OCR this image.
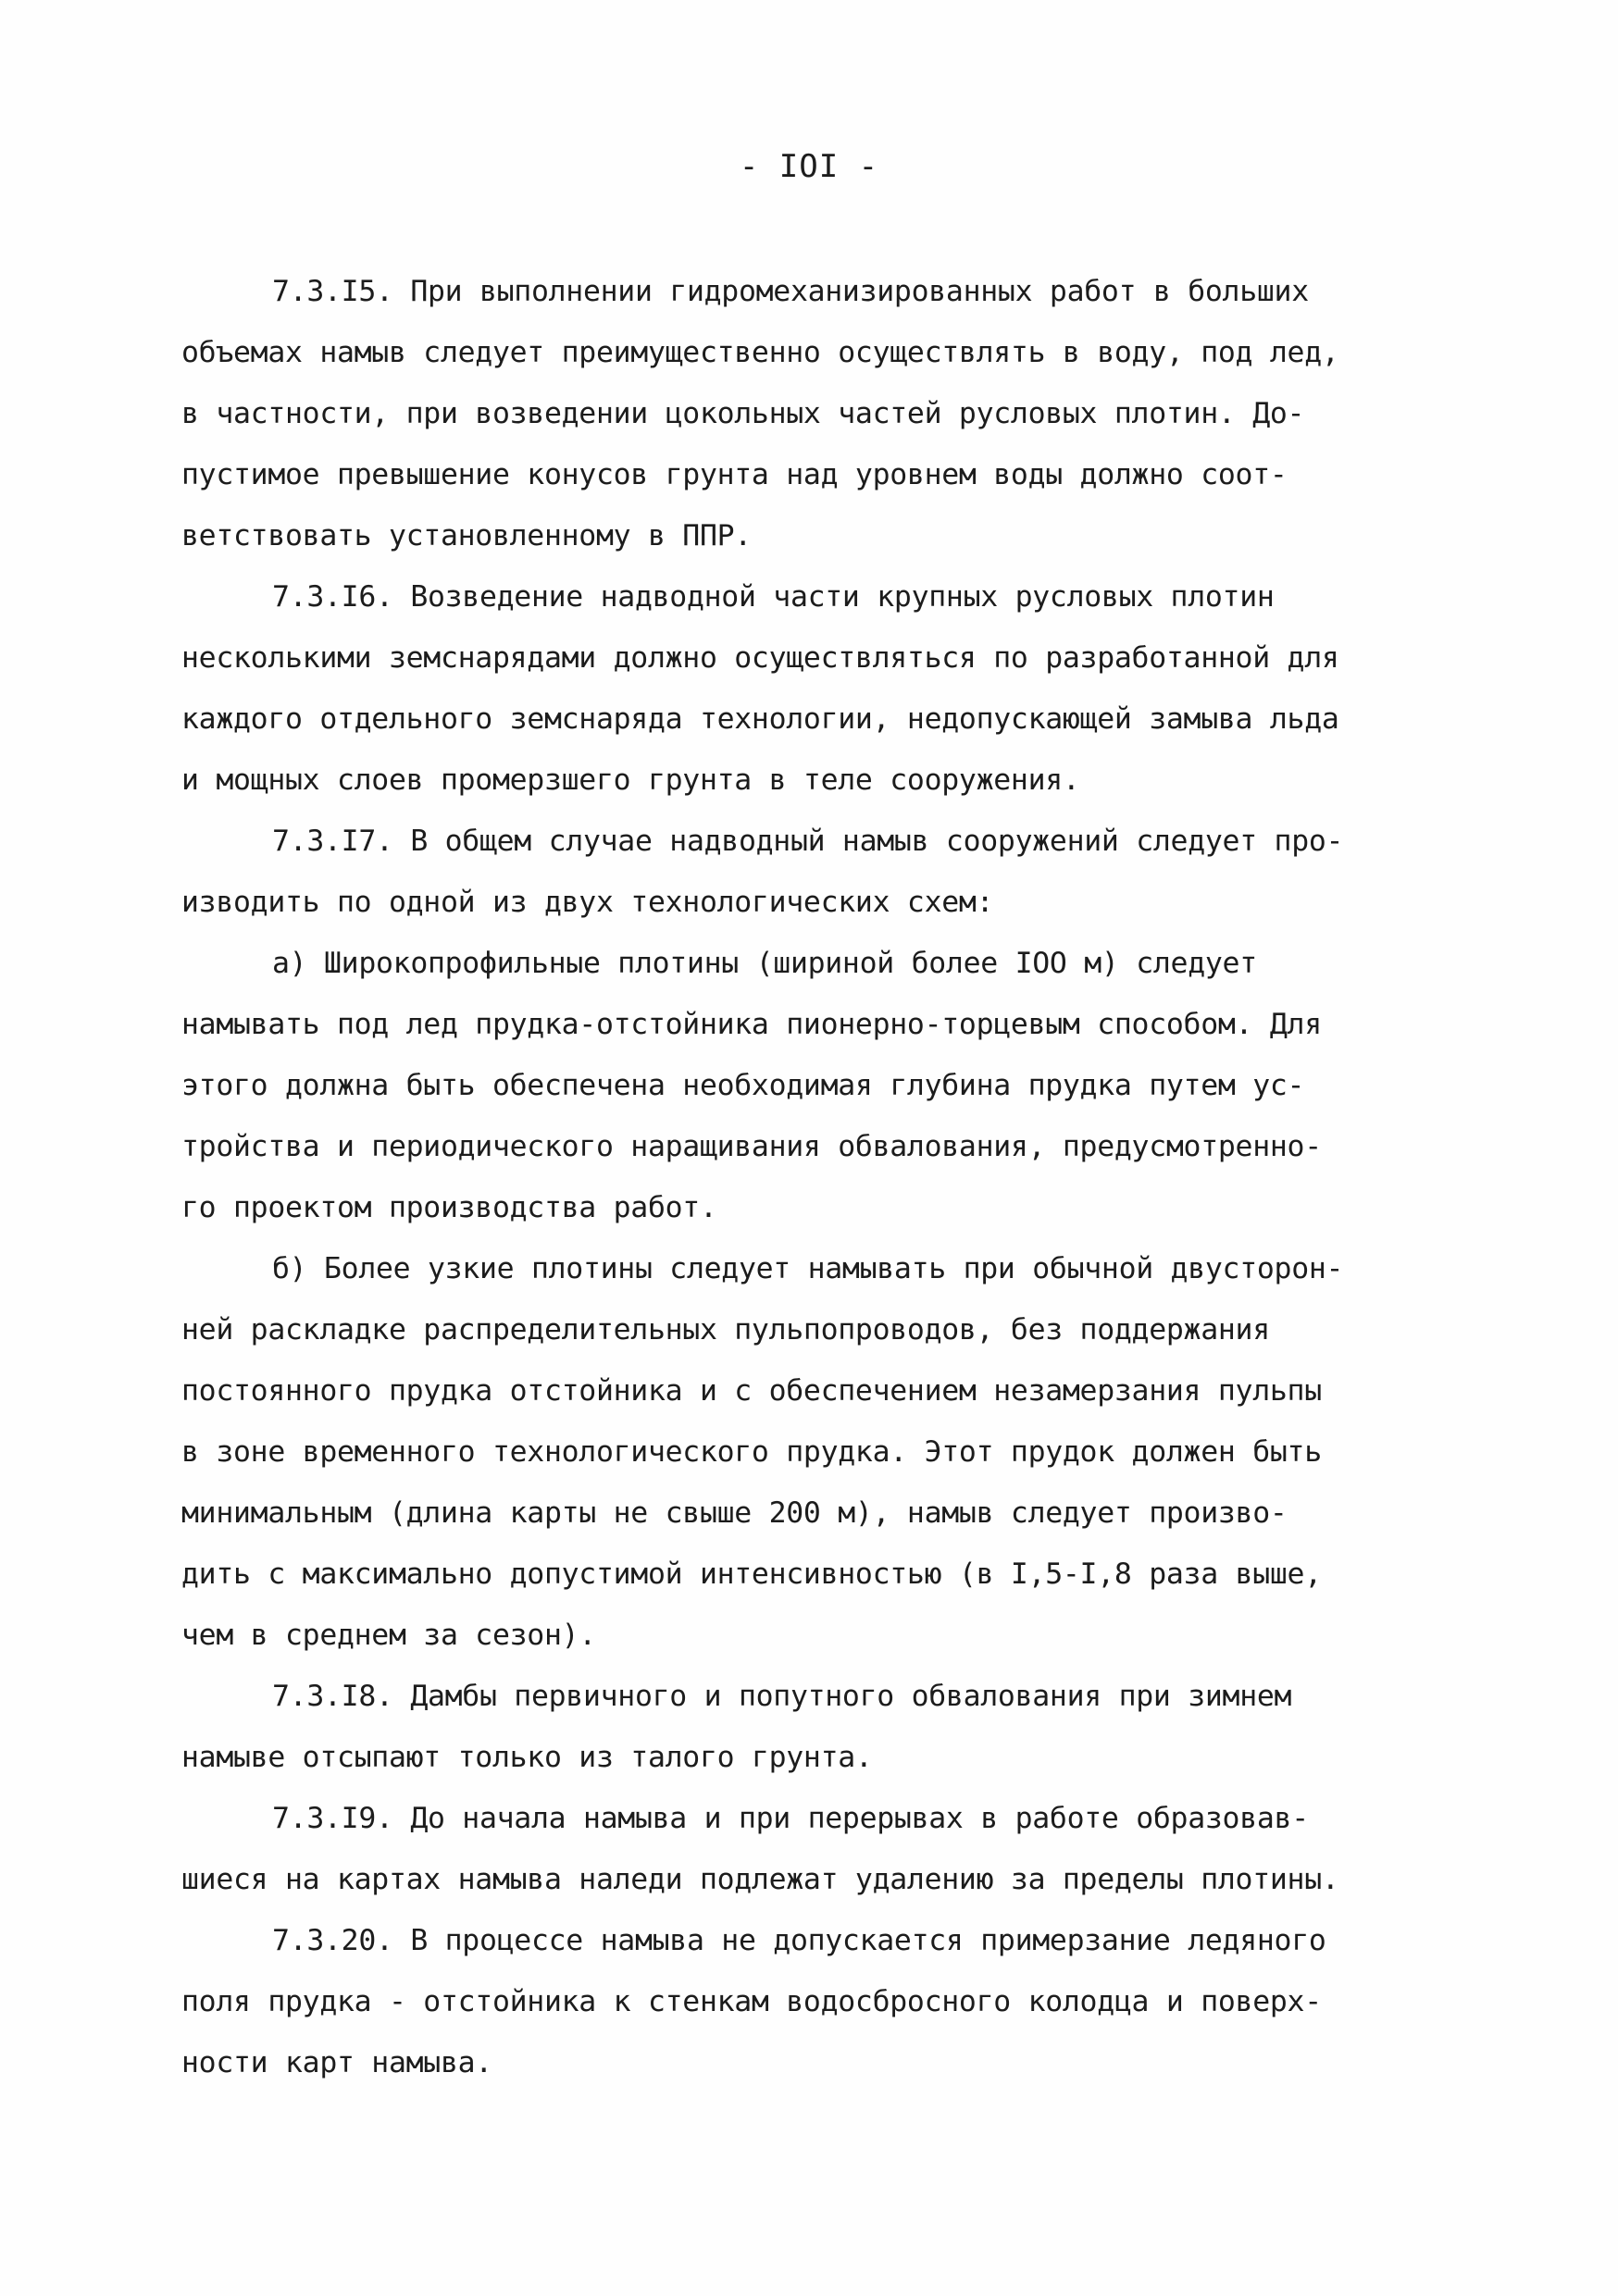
- IOI -
7.3.I5. При выполнении гидромеханизированных работ в больших
объемах намыв следует преимущественно осуществлять в воду, под лед,
в частности, при возведении цокольных частей русловых плотин. До-
пустимое превышение конусов грунта над уровнем воды должно соот-
ветствовать установленному в ППР.
7.3.I6. Возведение надводной части крупных русловых плотин
несколькими земснарядами должно осуществляться по разработанной для
каждого отдельного земснаряда технологии, недопускающей замыва льда
и мощных слоев промерзшего грунта в теле сооружения.
7.3.I7. В общем случае надводный намыв сооружений следует про-
изводить по одной из двух технологических схем:
а) Широкопрофильные плотины (шириной более IOO м) следует
намывать под лед прудка-отстойника пионерно-торцевым способом. Для
этого должна быть обеспечена необходимая глубина прудка путем ус-
тройства и периодического наращивания обвалования, предусмотренно-
го проектом производства работ.
б) Более узкие плотины следует намывать при обычной двусторон-
ней раскладке распределительных пульпопроводов, без поддержания
постоянного прудка отстойника и с обеспечением незамерзания пульпы
в зоне временного технологического прудка. Этот прудок должен быть
минимальным (длина карты не свыше 200 м), намыв следует произво-
дить с максимально допустимой интенсивностью (в I,5-I,8 раза выше,
чем в среднем за сезон).
7.3.I8. Дамбы первичного и попутного обвалования при зимнем
намыве отсыпают только из талого грунта.
7.3.I9. До начала намыва и при перерывах в работе образовав-
шиеся на картах намыва наледи подлежат удалению за пределы плотины.
7.3.20. В процессе намыва не допускается примерзание ледяного
поля прудка - отстойника к стенкам водосбросного колодца и поверх-
ности карт намыва.
